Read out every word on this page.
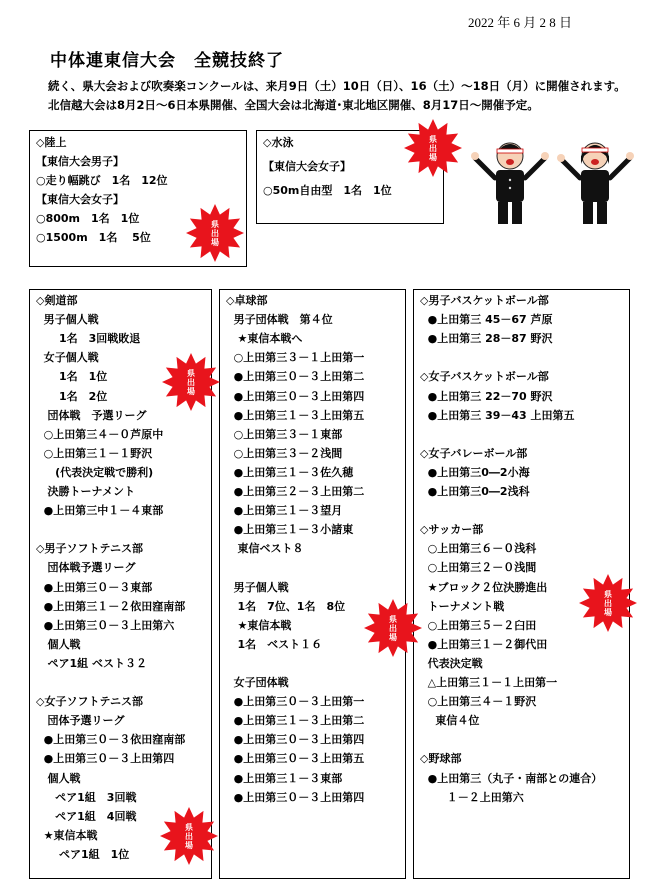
2022 年 6 月 2 8 日
中体連東信大会　全競技終了
続く、県大会および吹奏楽コンクールは、来月9日（土）10日（日）、16（土）～18日（月）に開催されます。
北信越大会は8月2日～6日本県開催、全国大会は北海道･東北地区開催、8月17日～開催予定。
◇陸上
【東信大会男子】
○走り幅跳び　1名　12位
【東信大会女子】
○800m　1名　1位
○1500m　1名　 5位
◇水泳
【東信大会女子】
○50m自由型　1名　1位
◇剣道部
男子個人戦
1名　3回戦敗退
女子個人戦
1名　1位
1名　2位
団体戦　予選リーグ
○上田第三４－０芦原中
○上田第三１－１野沢
(代表決定戦で勝利)
決勝トーナメント
●上田第三中１－４東部
◇男子ソフトテニス部
団体戦予選リーグ
●上田第三０－３東部
●上田第三１－２依田窪南部
●上田第三０－３上田第六
個人戦
ペア1組 ベスト３２
◇女子ソフトテニス部
団体予選リーグ
●上田第三０－３依田窪南部
●上田第三０－３上田第四
個人戦
ペア1組　3回戦
ペア1組　4回戦
★東信本戦
ペア1組　1位
◇卓球部
男子団体戦　第４位
★東信本戦へ
○上田第三３－１上田第一
●上田第三０－３上田第二
●上田第三０－３上田第四
●上田第三１－３上田第五
○上田第三３－１東部
○上田第三３－２浅間
●上田第三１－３佐久穂
●上田第三２－３上田第二
●上田第三１－３望月
●上田第三１－３小諸東
東信ベスト８
男子個人戦
1名　7位、1名　8位
★東信本戦
1名　ベスト１６
女子団体戦
●上田第三０－３上田第一
●上田第三１－３上田第二
●上田第三０－３上田第四
●上田第三０－３上田第五
●上田第三１－３東部
●上田第三０－３上田第四
◇男子バスケットボール部
●上田第三 45－67 芦原
●上田第三 28－87 野沢
◇女子バスケットボール部
●上田第三 22－70 野沢
●上田第三 39－43 上田第五
◇女子バレーボール部
●上田第三0―2小海
●上田第三0―2浅科
◇サッカー部
○上田第三６－０浅科
○上田第三２－０浅間
★ブロック２位決勝進出
トーナメント戦
○上田第三５－２臼田
●上田第三１－２御代田
代表決定戦
△上田第三１－１上田第一
○上田第三４－１野沢
東信４位
◇野球部
●上田第三（丸子・南部との連合）
１－２上田第六
県出場
県出場
県出場
県出場
県出場
県出場
